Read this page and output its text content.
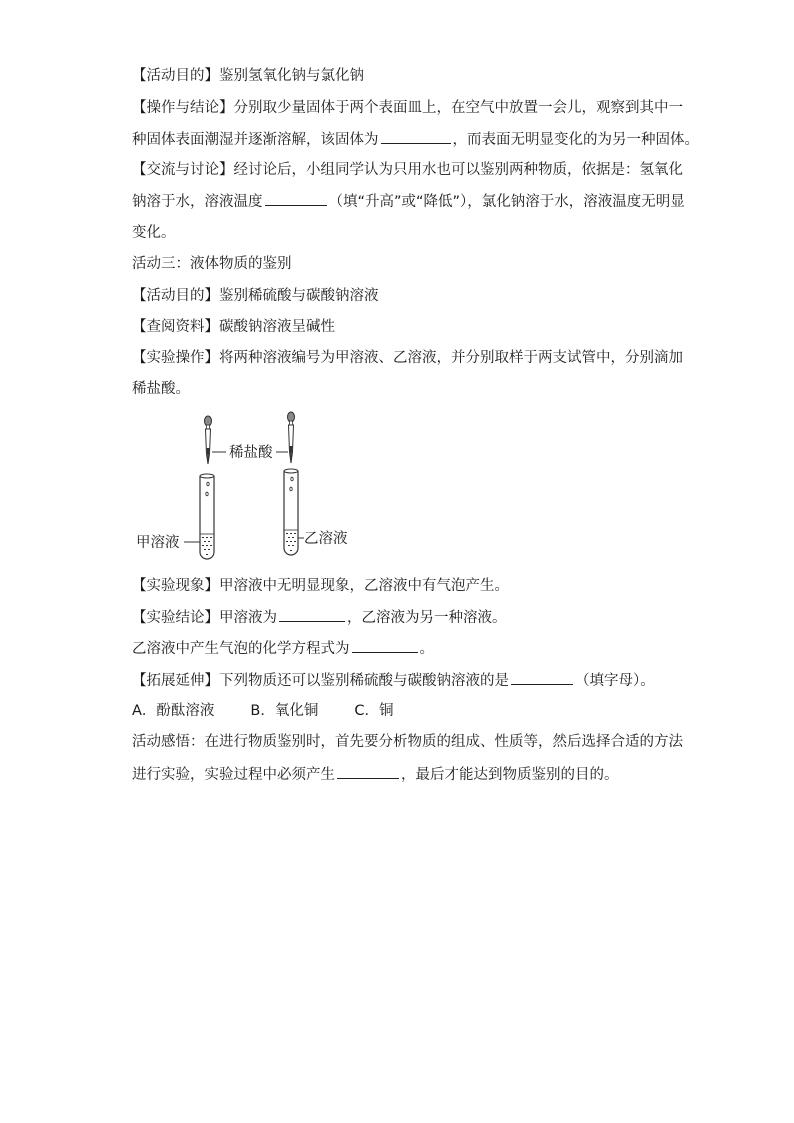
【活动目的】鉴别氢氧化钠与氯化钠
【操作与结论】分别取少量固体于两个表面皿上，在空气中放置一会儿，观察到其中一
种固体表面潮湿并逐渐溶解，该固体为	，而表面无明显变化的为另一种固体。
【交流与讨论】经讨论后，小组同学认为只用水也可以鉴别两种物质，依据是：氢氧化
钠溶于水，溶液温度	（填“升高”或“降低”），氯化钠溶于水，溶液温度无明显
变化。
活动三：液体物质的鉴别
【活动目的】鉴别稀硫酸与碳酸钠溶液
【查阅资料】碳酸钠溶液呈碱性
【实验操作】将两种溶液编号为甲溶液、乙溶液，并分别取样于两支试管中，分别滴加
稀盐酸。
稀盐酸
甲溶液	乙溶液
【实验现象】甲溶液中无明显现象，乙溶液中有气泡产生。
【实验结论】甲溶液为	，乙溶液为另一种溶液。
乙溶液中产生气泡的化学方程式为	。
【拓展延伸】下列物质还可以鉴别稀硫酸与碳酸钠溶液的是	（填字母）。
A．酚酞溶液 B．氧化铜 C．铜
活动感悟：在进行物质鉴别时，首先要分析物质的组成、性质等，然后选择合适的方法
进行实验，实验过程中必须产生	，最后才能达到物质鉴别的目的。
